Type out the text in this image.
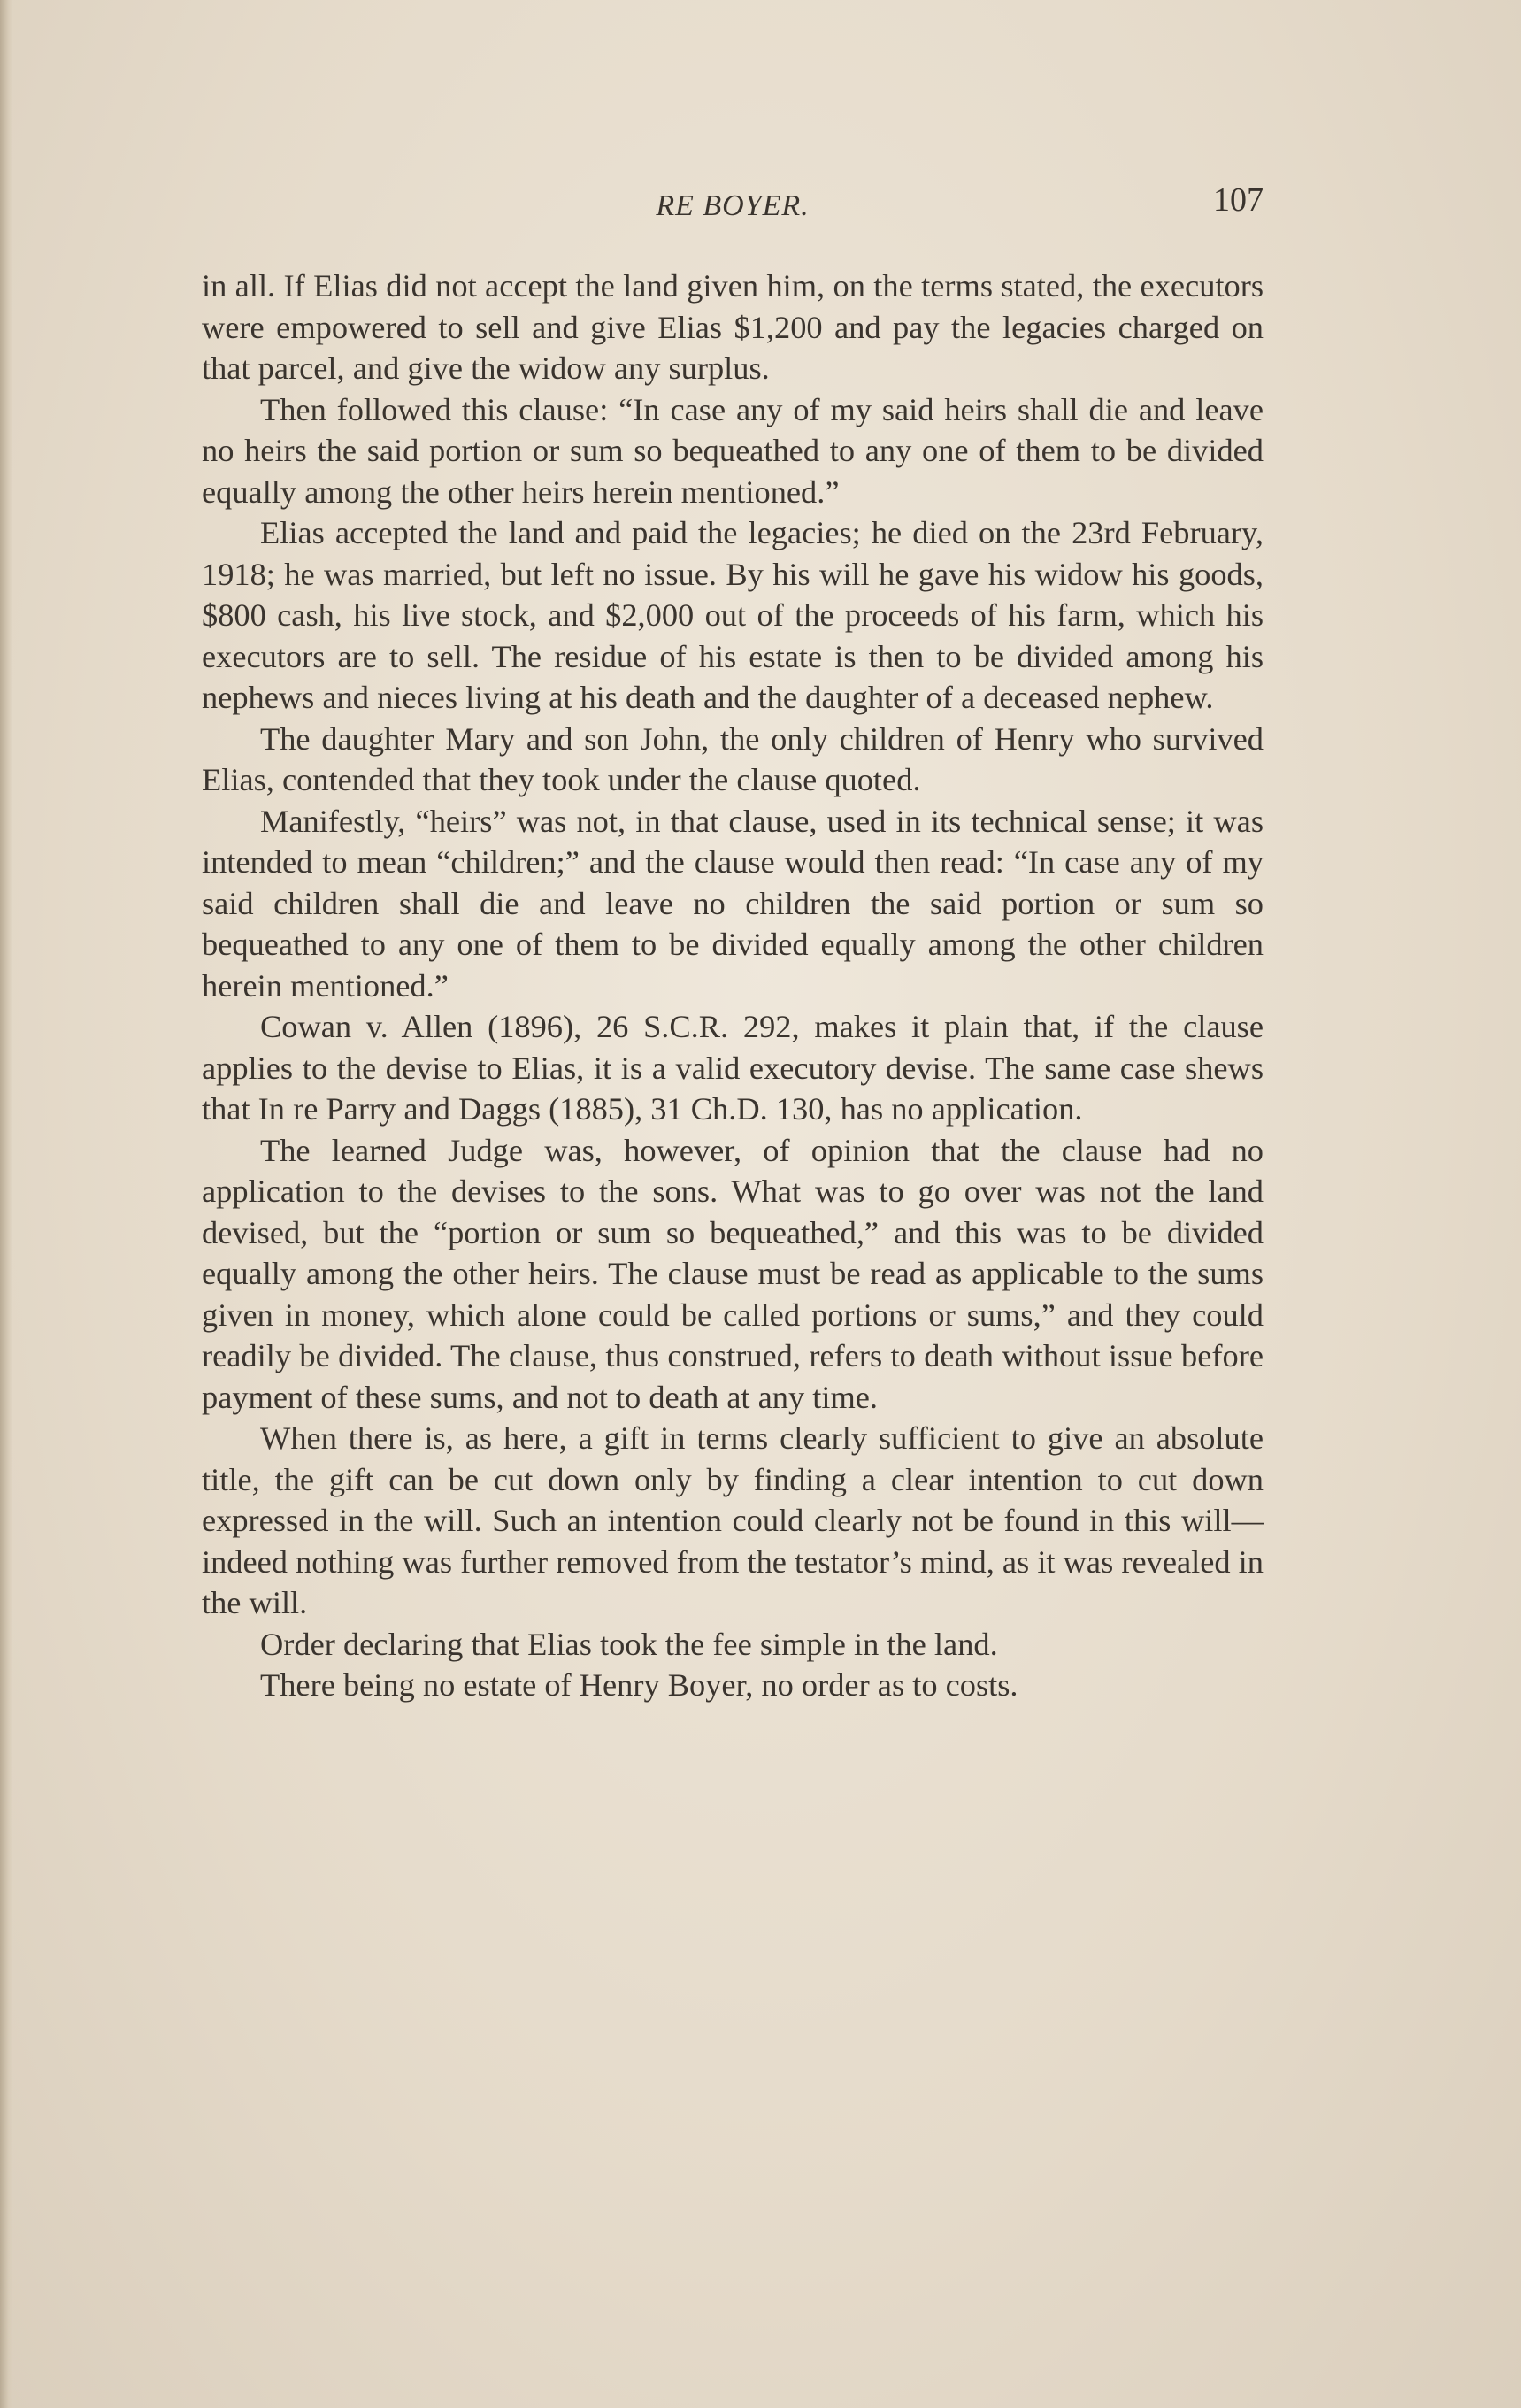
RE BOYER.	107

in all. If Elias did not accept the land given him, on the terms stated, the executors were empowered to sell and give Elias $1,200 and pay the legacies charged on that parcel, and give the widow any surplus.

Then followed this clause: “In case any of my said heirs shall die and leave no heirs the said portion or sum so bequeathed to any one of them to be divided equally among the other heirs herein mentioned.”

Elias accepted the land and paid the legacies; he died on the 23rd February, 1918; he was married, but left no issue. By his will he gave his widow his goods, $800 cash, his live stock, and $2,000 out of the proceeds of his farm, which his executors are to sell. The residue of his estate is then to be divided among his nephews and nieces living at his death and the daughter of a deceased nephew.

The daughter Mary and son John, the only children of Henry who survived Elias, contended that they took under the clause quoted.

Manifestly, “heirs” was not, in that clause, used in its technical sense; it was intended to mean “children;” and the clause would then read: “In case any of my said children shall die and leave no children the said portion or sum so bequeathed to any one of them to be divided equally among the other children herein mentioned.”

Cowan v. Allen (1896), 26 S.C.R. 292, makes it plain that, if the clause applies to the devise to Elias, it is a valid executory devise. The same case shews that In re Parry and Daggs (1885), 31 Ch.D. 130, has no application.

The learned Judge was, however, of opinion that the clause had no application to the devises to the sons. What was to go over was not the land devised, but the “portion or sum so bequeathed,” and this was to be divided equally among the other heirs. The clause must be read as applicable to the sums given in money, which alone could be called portions or sums,” and they could readily be divided. The clause, thus construed, refers to death without issue before payment of these sums, and not to death at any time.

When there is, as here, a gift in terms clearly sufficient to give an absolute title, the gift can be cut down only by finding a clear intention to cut down expressed in the will. Such an intention could clearly not be found in this will—indeed nothing was further removed from the testator’s mind, as it was revealed in the will.

Order declaring that Elias took the fee simple in the land.

There being no estate of Henry Boyer, no order as to costs.
